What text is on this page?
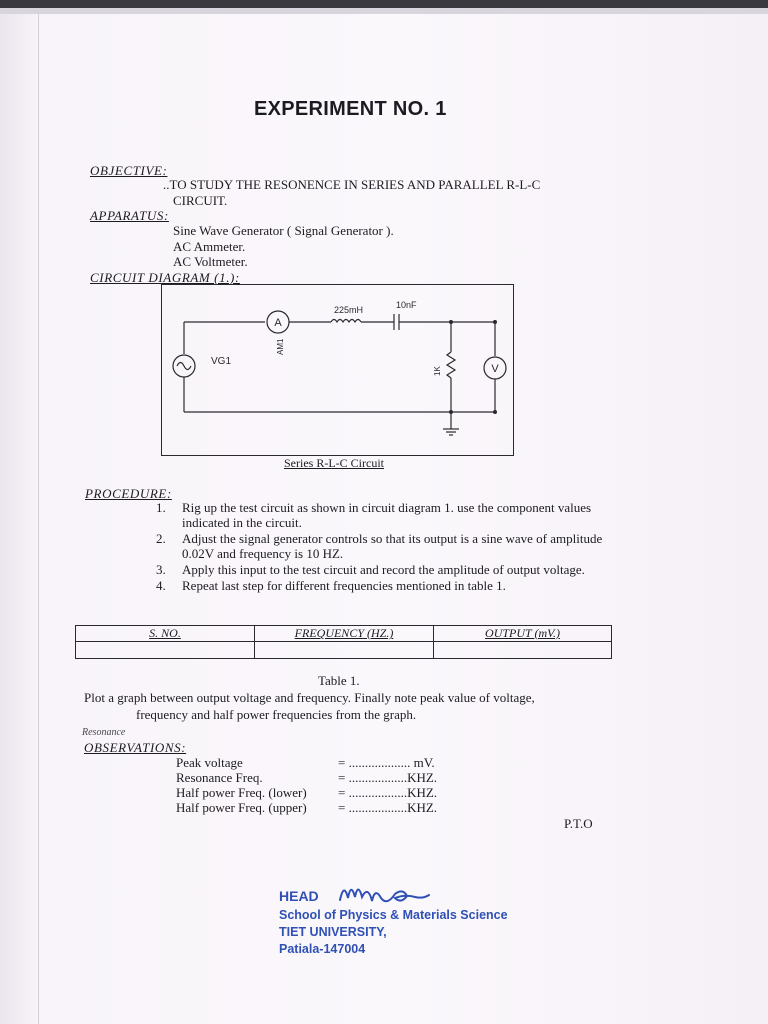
EXPERIMENT NO. 1
OBJECTIVE:
..TO STUDY THE RESONENCE IN SERIES AND PARALLEL R-L-C
CIRCUIT.
APPARATUS:
Sine Wave Generator ( Signal Generator ).
AC Ammeter.
AC Voltmeter.
CIRCUIT DIAGRAM (1.):
A
V
225mH	10nF
VG1
AM1
1K
Series R-L-C Circuit
PROCEDURE:
1. Rig up the test circuit as shown in circuit diagram 1. use the component values indicated in the circuit.
2. Adjust the signal generator controls so that its output is a sine wave of amplitude 0.02V and frequency is 10 HZ.
3. Apply this input to the test circuit and record the amplitude of output voltage.
4. Repeat last step for different frequencies mentioned in table 1.
S. NO.	FREQUENCY (HZ.)	OUTPUT (mV.)

Table 1.
Plot a graph between output voltage and frequency. Finally note peak value of voltage,
frequency and half power frequencies from the graph.
Resonance
OBSERVATIONS:
Peak voltage	= ................... mV.
Resonance Freq.	= ..................KHZ.
Half power Freq. (lower) = ..................KHZ.
Half power Freq. (upper) = ..................KHZ.
P.T.O
HEAD
School of Physics & Materials Science
TIET UNIVERSITY,
Patiala-147004
